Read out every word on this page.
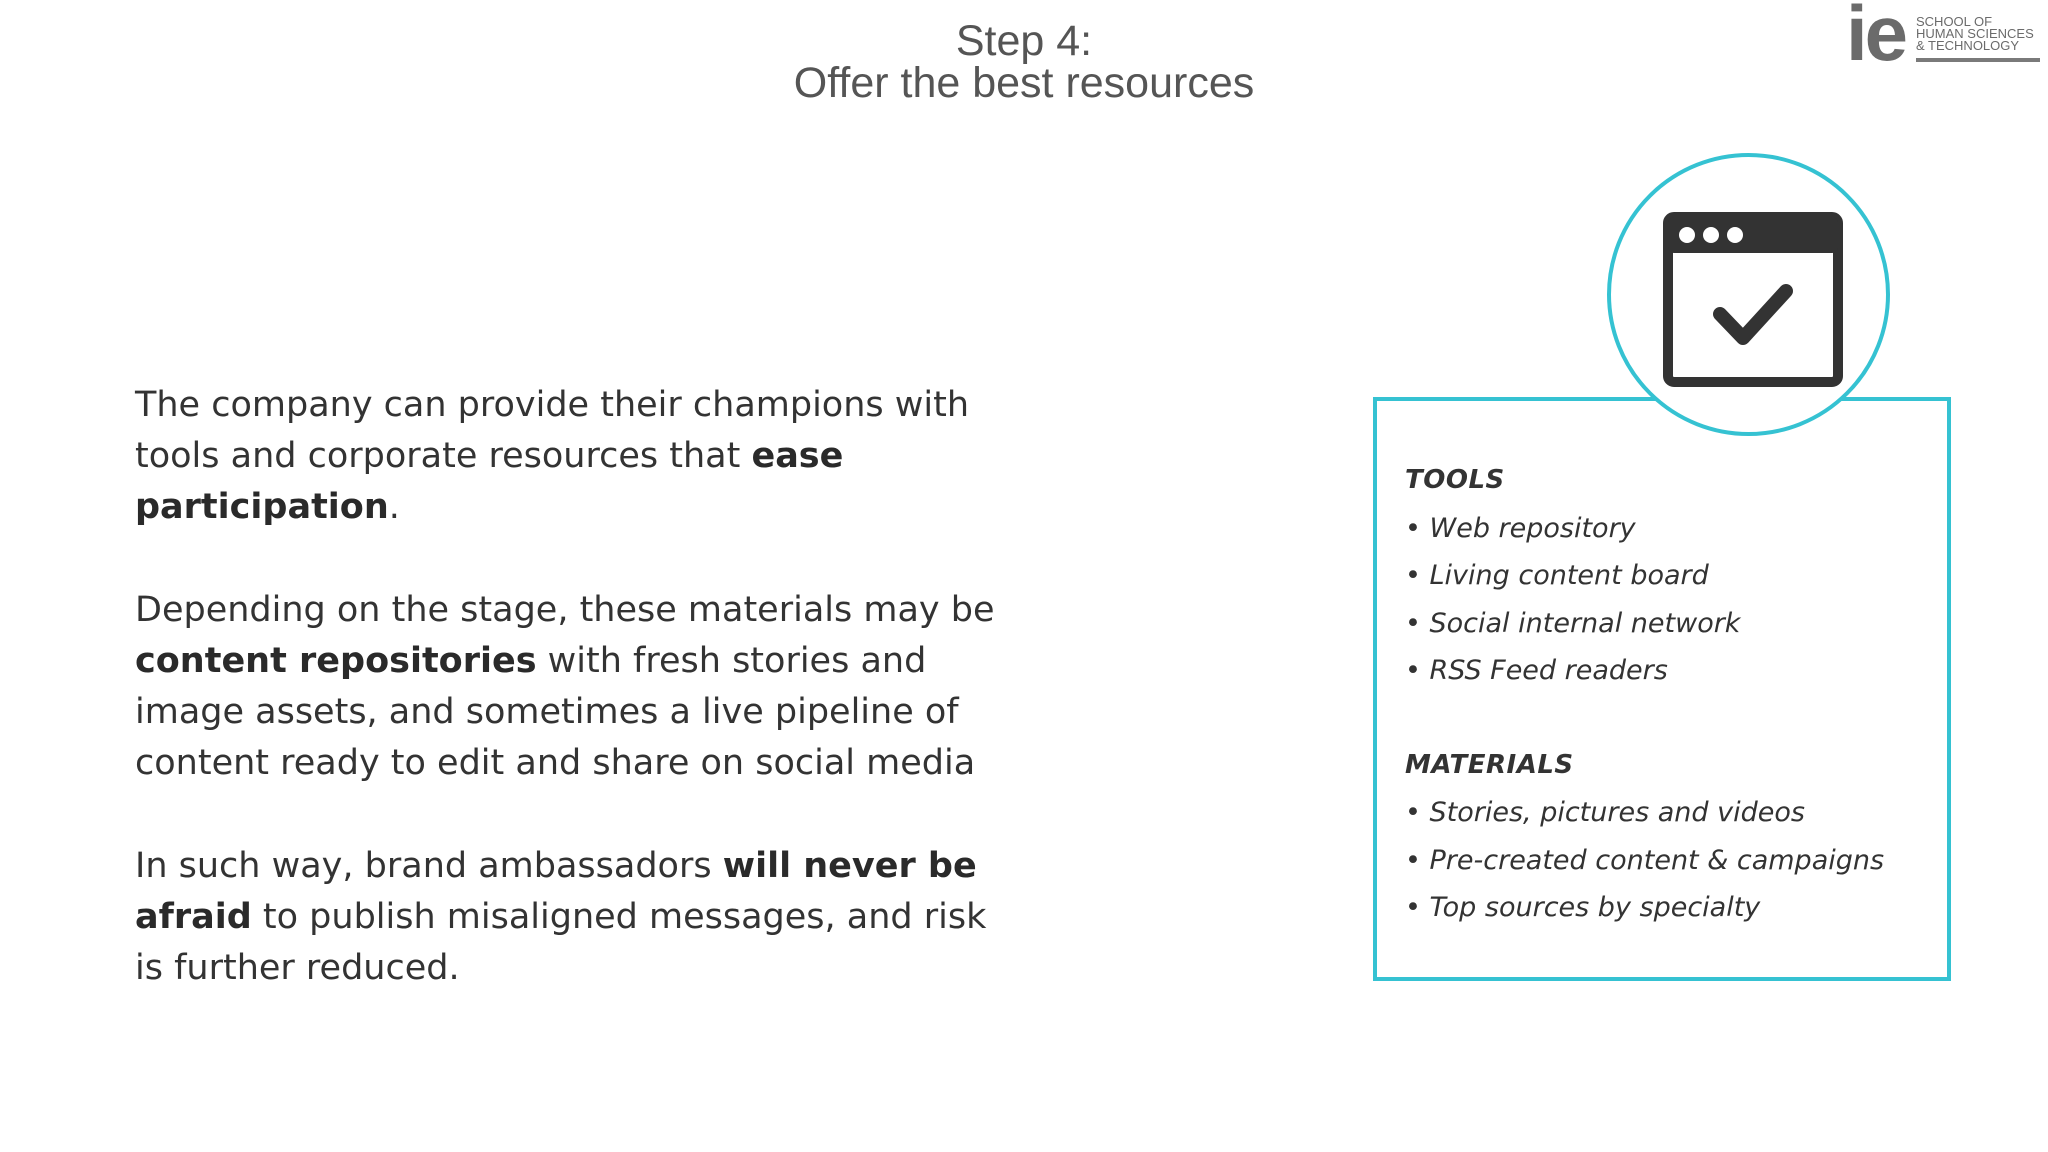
Step 4:
Offer the best resources
ie SCHOOL OF
HUMAN SCIENCES
& TECHNOLOGY

The company can provide their champions with tools and corporate resources that ease participation.

Depending on the stage, these materials may be content repositories with fresh stories and image assets, and sometimes a live pipeline of content ready to edit and share on social media

In such way, brand ambassadors will never be afraid to publish misaligned messages, and risk is further reduced.

TOOLS
• Web repository
• Living content board
• Social internal network
• RSS Feed readers
MATERIALS
• Stories, pictures and videos
• Pre-created content & campaigns
• Top sources by specialty
